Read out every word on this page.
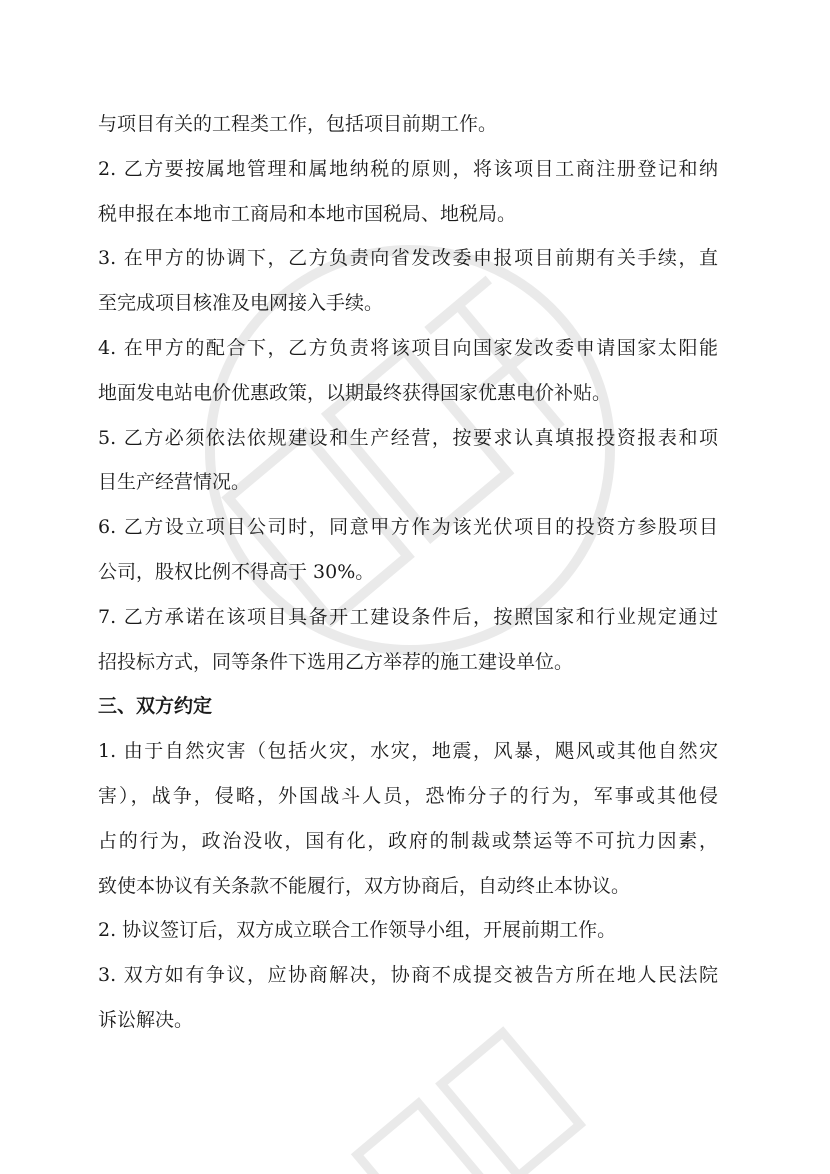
与项目有关的工程类工作，包括项目前期工作。
2. 乙方要按属地管理和属地纳税的原则，将该项目工商注册登记和纳
税申报在本地市工商局和本地市国税局、地税局。
3. 在甲方的协调下，乙方负责向省发改委申报项目前期有关手续，直
至完成项目核准及电网接入手续。
4. 在甲方的配合下，乙方负责将该项目向国家发改委申请国家太阳能
地面发电站电价优惠政策，以期最终获得国家优惠电价补贴。
5. 乙方必须依法依规建设和生产经营，按要求认真填报投资报表和项
目生产经营情况。
6. 乙方设立项目公司时，同意甲方作为该光伏项目的投资方参股项目
公司，股权比例不得高于 30%。
7. 乙方承诺在该项目具备开工建设条件后，按照国家和行业规定通过
招投标方式，同等条件下选用乙方举荐的施工建设单位。
三、双方约定
1. 由于自然灾害（包括火灾，水灾，地震，风暴，飓风或其他自然灾
害），战争，侵略，外国战斗人员，恐怖分子的行为，军事或其他侵
占的行为，政治没收，国有化，政府的制裁或禁运等不可抗力因素，
致使本协议有关条款不能履行，双方协商后，自动终止本协议。
2. 协议签订后，双方成立联合工作领导小组，开展前期工作。
3. 双方如有争议，应协商解决，协商不成提交被告方所在地人民法院
诉讼解决。
